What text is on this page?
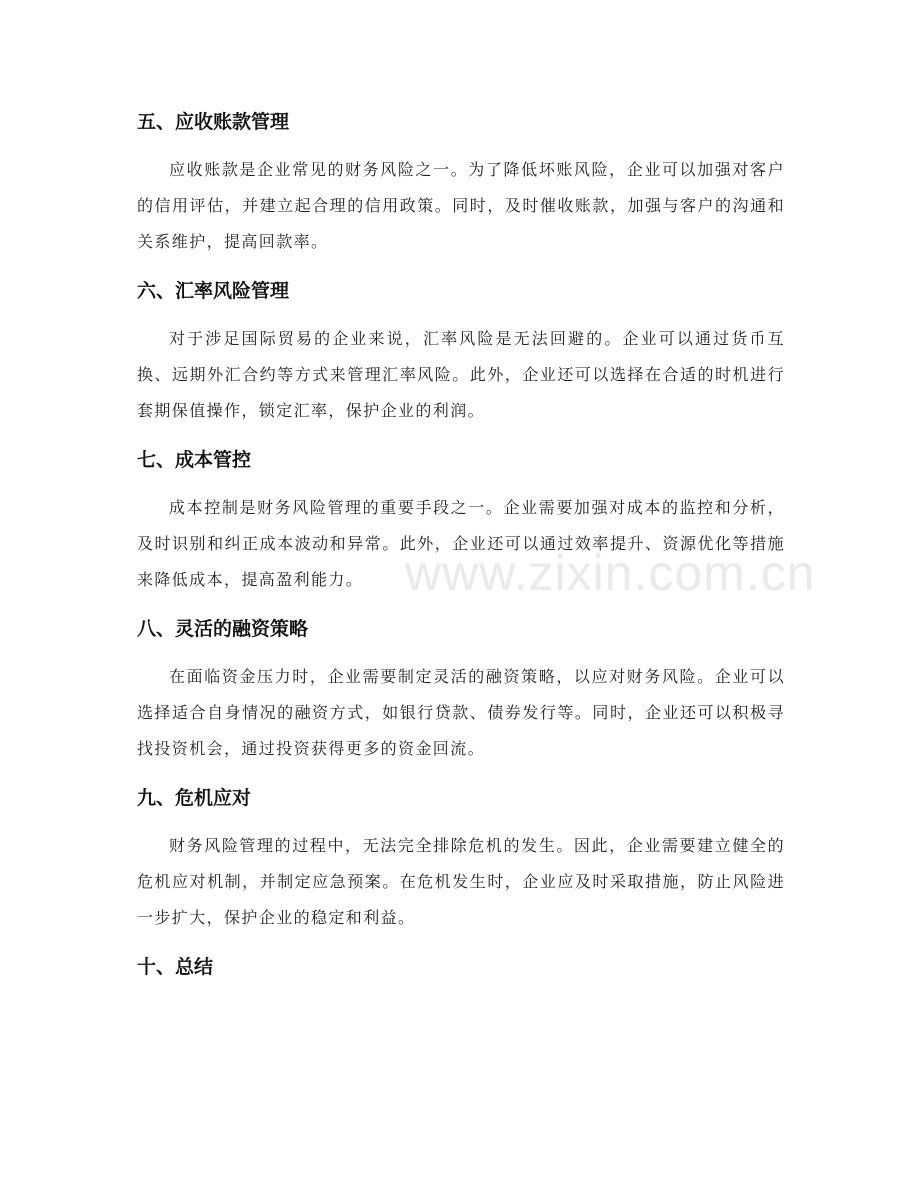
五、应收账款管理

应收账款是企业常见的财务风险之一。为了降低坏账风险，企业可以加强对客户的信用评估，并建立起合理的信用政策。同时，及时催收账款，加强与客户的沟通和关系维护，提高回款率。

六、汇率风险管理

对于涉足国际贸易的企业来说，汇率风险是无法回避的。企业可以通过货币互换、远期外汇合约等方式来管理汇率风险。此外，企业还可以选择在合适的时机进行套期保值操作，锁定汇率，保护企业的利润。

七、成本管控

成本控制是财务风险管理的重要手段之一。企业需要加强对成本的监控和分析，及时识别和纠正成本波动和异常。此外，企业还可以通过效率提升、资源优化等措施来降低成本，提高盈利能力。

八、灵活的融资策略

在面临资金压力时，企业需要制定灵活的融资策略，以应对财务风险。企业可以选择适合自身情况的融资方式，如银行贷款、债券发行等。同时，企业还可以积极寻找投资机会，通过投资获得更多的资金回流。

九、危机应对

财务风险管理的过程中，无法完全排除危机的发生。因此，企业需要建立健全的危机应对机制，并制定应急预案。在危机发生时，企业应及时采取措施，防止风险进一步扩大，保护企业的稳定和利益。

十、总结
www.zixin.com.cn
